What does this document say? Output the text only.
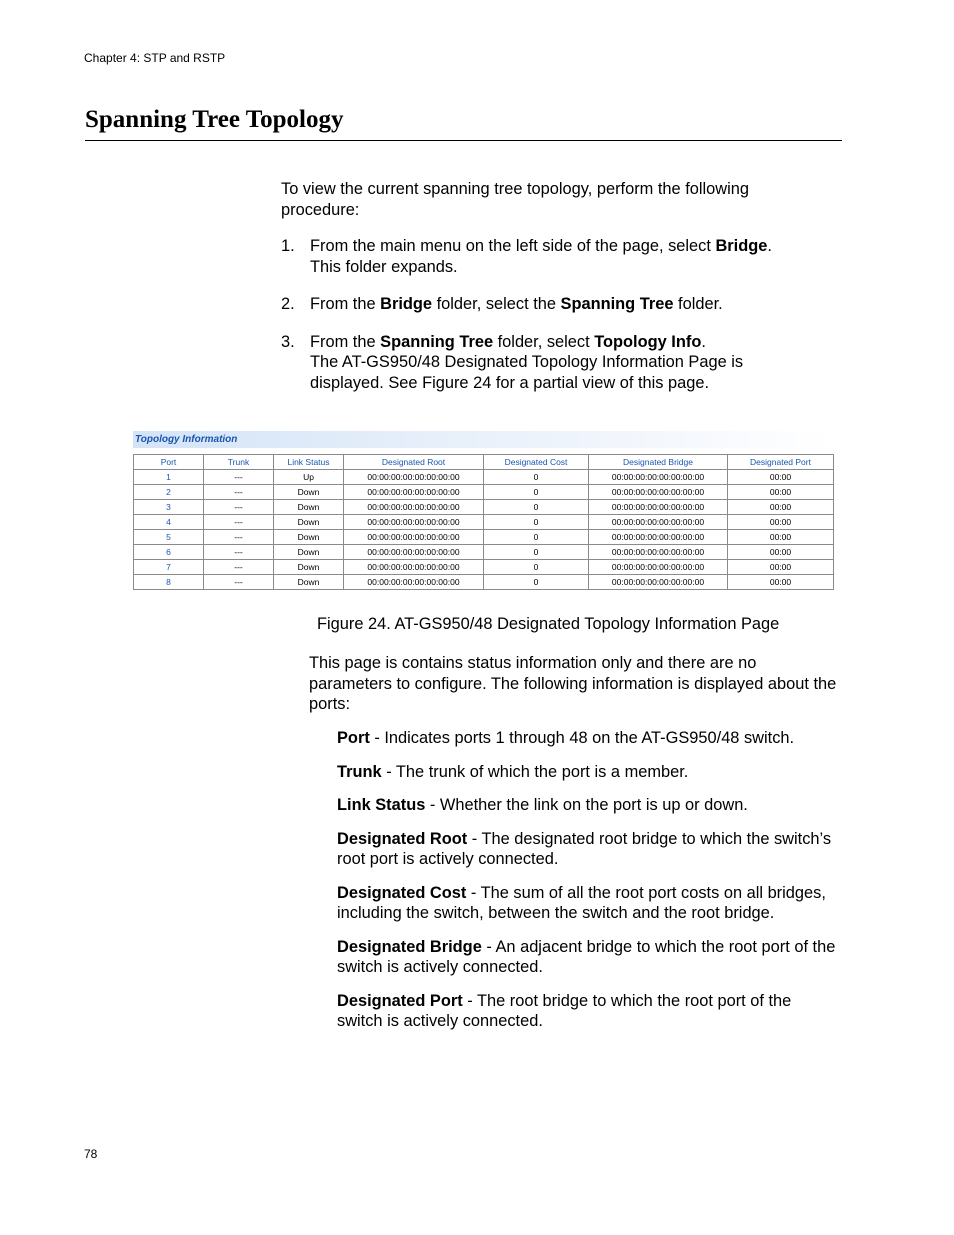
Chapter 4: STP and RSTP
Spanning Tree Topology
To view the current spanning tree topology, perform the following procedure:
1. From the main menu on the left side of the page, select Bridge.
This folder expands.
2. From the Bridge folder, select the Spanning Tree folder.
3. From the Spanning Tree folder, select Topology Info.
The AT-GS950/48 Designated Topology Information Page is displayed. See Figure 24 for a partial view of this page.
Topology Information
Port	Trunk	Link Status	Designated Root	Designated Cost	Designated Bridge	Designated Port
1	---	Up	00:00:00:00:00:00:00:00	0	00:00:00:00:00:00:00:00	00:00
2	---	Down	00:00:00:00:00:00:00:00	0	00:00:00:00:00:00:00:00	00:00
3	---	Down	00:00:00:00:00:00:00:00	0	00:00:00:00:00:00:00:00	00:00
4	---	Down	00:00:00:00:00:00:00:00	0	00:00:00:00:00:00:00:00	00:00
5	---	Down	00:00:00:00:00:00:00:00	0	00:00:00:00:00:00:00:00	00:00
6	---	Down	00:00:00:00:00:00:00:00	0	00:00:00:00:00:00:00:00	00:00
7	---	Down	00:00:00:00:00:00:00:00	0	00:00:00:00:00:00:00:00	00:00
8	---	Down	00:00:00:00:00:00:00:00	0	00:00:00:00:00:00:00:00	00:00
Figure 24. AT-GS950/48 Designated Topology Information Page
This page is contains status information only and there are no parameters to configure. The following information is displayed about the ports:

Port - Indicates ports 1 through 48 on the AT-GS950/48 switch.

Trunk - The trunk of which the port is a member.

Link Status - Whether the link on the port is up or down.

Designated Root - The designated root bridge to which the switch’s root port is actively connected.

Designated Cost - The sum of all the root port costs on all bridges, including the switch, between the switch and the root bridge.

Designated Bridge - An adjacent bridge to which the root port of the switch is actively connected.

Designated Port - The root bridge to which the root port of the switch is actively connected.

78
